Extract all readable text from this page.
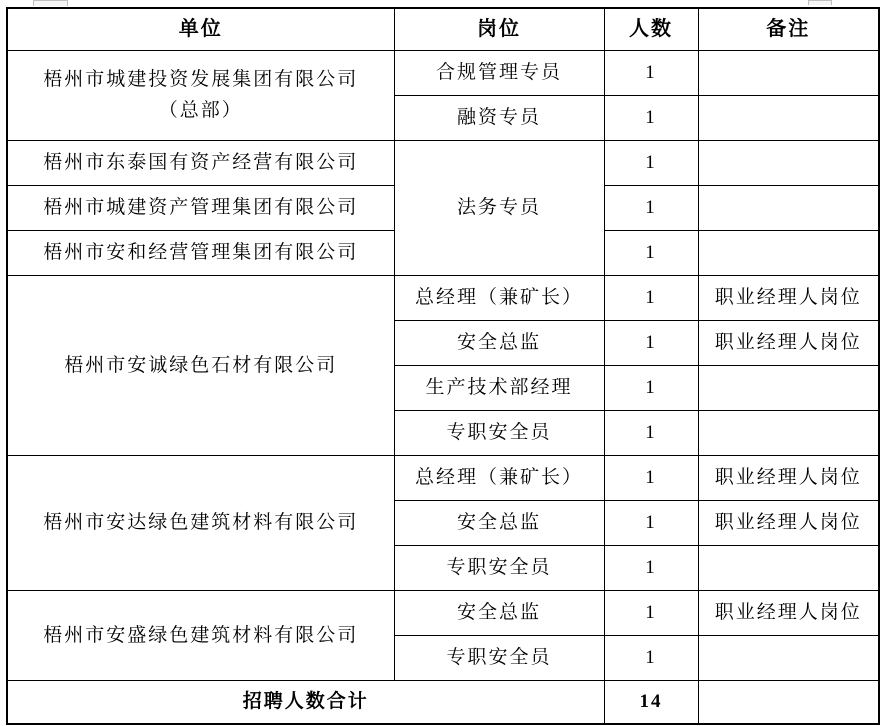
单位	岗位	人数	备注

梧州市城建投资发展集团有限公司
（总部）	合规管理专员	1	
	融资专员	1	
梧州市东泰国有资产经营有限公司	法务专员	1	
梧州市城建资产管理集团有限公司		1	
梧州市安和经营管理集团有限公司		1	
梧州市安诚绿色石材有限公司	总经理（兼矿长）	1	职业经理人岗位
	安全总监	1	职业经理人岗位
	生产技术部经理	1	
	专职安全员	1	
梧州市安达绿色建筑材料有限公司	总经理（兼矿长）	1	职业经理人岗位
	安全总监	1	职业经理人岗位
	专职安全员	1	
梧州市安盛绿色建筑材料有限公司	安全总监	1	职业经理人岗位
	专职安全员	1	
招聘人数合计		14	
